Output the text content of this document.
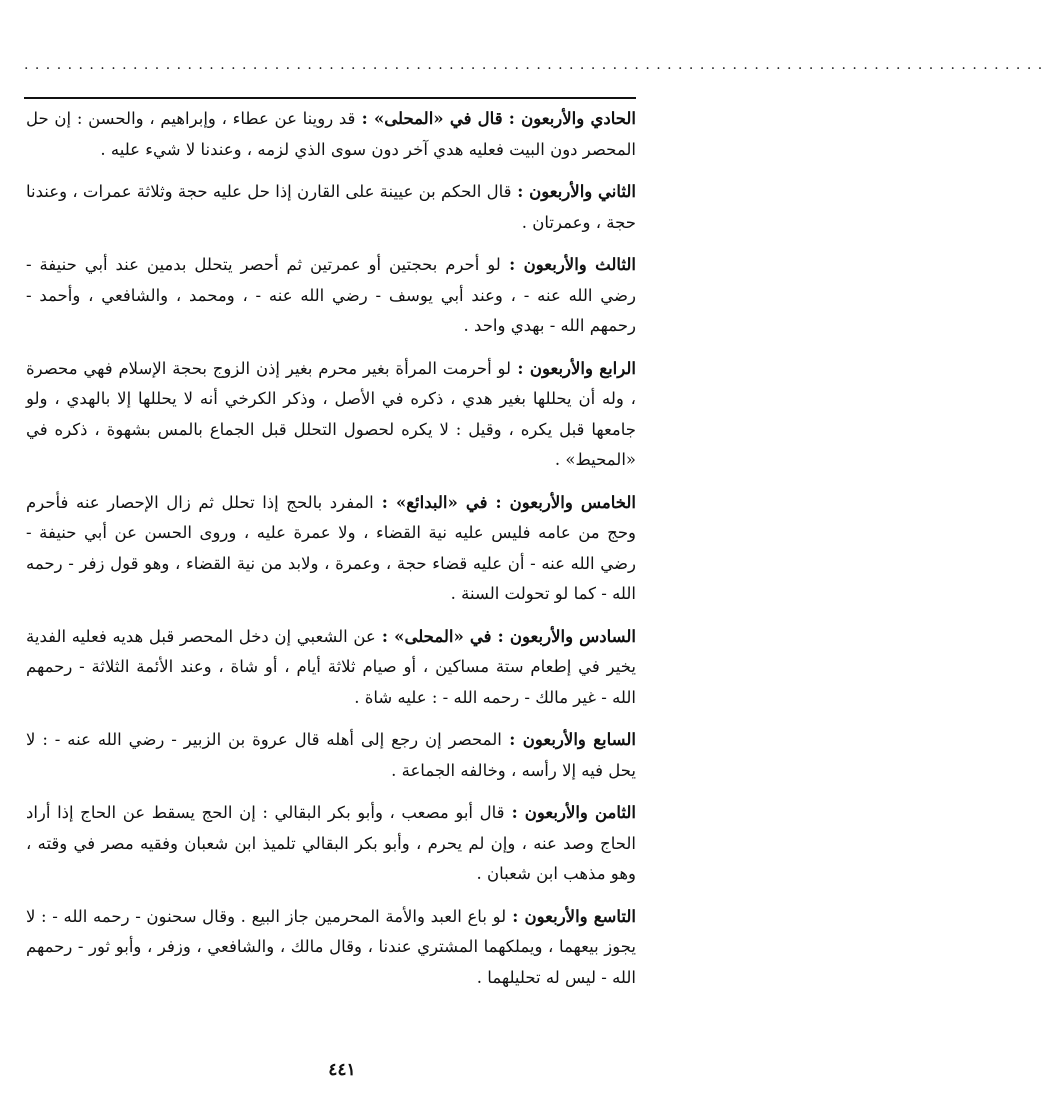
. . . . . . . . . . . . . . . . . . . . . . . . . . . . . . . . . . . . . . . . . . . . . . . . . . . . . . . . . . . . . . . . . . . . . . . . . . . . . . . . . . . . . . . . . . . . . .

الحادي والأربعون : قال في «المحلى» : قد روينا عن عطاء ، وإبراهيم ، والحسن : إن حل المحصر دون البيت فعليه هدي آخر دون سوى الذي لزمه ، وعندنا لا شيء عليه .

الثاني والأربعون : قال الحكم بن عيينة على القارن إذا حل عليه حجة وثلاثة عمرات ، وعندنا حجة ، وعمرتان .

الثالث والأربعون : لو أحرم بحجتين أو عمرتين ثم أحصر يتحلل بدمين عند أبي حنيفة - رضي الله عنه - ، وعند أبي يوسف - رضي الله عنه - ، ومحمد ، والشافعي ، وأحمد - رحمهم الله - بهدي واحد .

الرابع والأربعون : لو أحرمت المرأة بغير محرم بغير إذن الزوج بحجة الإسلام فهي محصرة ، وله أن يحللها بغير هدي ، ذكره في الأصل ، وذكر الكرخي أنه لا يحللها إلا بالهدي ، ولو جامعها قبل يكره ، وقيل : لا يكره لحصول التحلل قبل الجماع بالمس بشهوة ، ذكره في «المحيط» .

الخامس والأربعون : في «البدائع» : المفرد بالحج إذا تحلل ثم زال الإحصار عنه فأحرم وحج من عامه فليس عليه نية القضاء ، ولا عمرة عليه ، وروى الحسن عن أبي حنيفة - رضي الله عنه - أن عليه قضاء حجة ، وعمرة ، ولابد من نية القضاء ، وهو قول زفر - رحمه الله - كما لو تحولت السنة .

السادس والأربعون : في «المحلى» : عن الشعبي إن دخل المحصر قبل هديه فعليه الفدية يخير في إطعام ستة مساكين ، أو صيام ثلاثة أيام ، أو شاة ، وعند الأئمة الثلاثة - رحمهم الله - غير مالك - رحمه الله - : عليه شاة .

السابع والأربعون : المحصر إن رجع إلى أهله قال عروة بن الزبير - رضي الله عنه - : لا يحل فيه إلا رأسه ، وخالفه الجماعة .

الثامن والأربعون : قال أبو مصعب ، وأبو بكر البقالي : إن الحج يسقط عن الحاج إذا أراد الحاج وصد عنه ، وإن لم يحرم ، وأبو بكر البقالي تلميذ ابن شعبان وفقيه مصر في وقته ، وهو مذهب ابن شعبان .

التاسع والأربعون : لو باع العبد والأمة المحرمين جاز البيع . وقال سحنون - رحمه الله - : لا يجوز بيعهما ، ويملكهما المشتري عندنا ، وقال مالك ، والشافعي ، وزفر ، وأبو ثور - رحمهم الله - ليس له تحليلهما .

٤٤١
